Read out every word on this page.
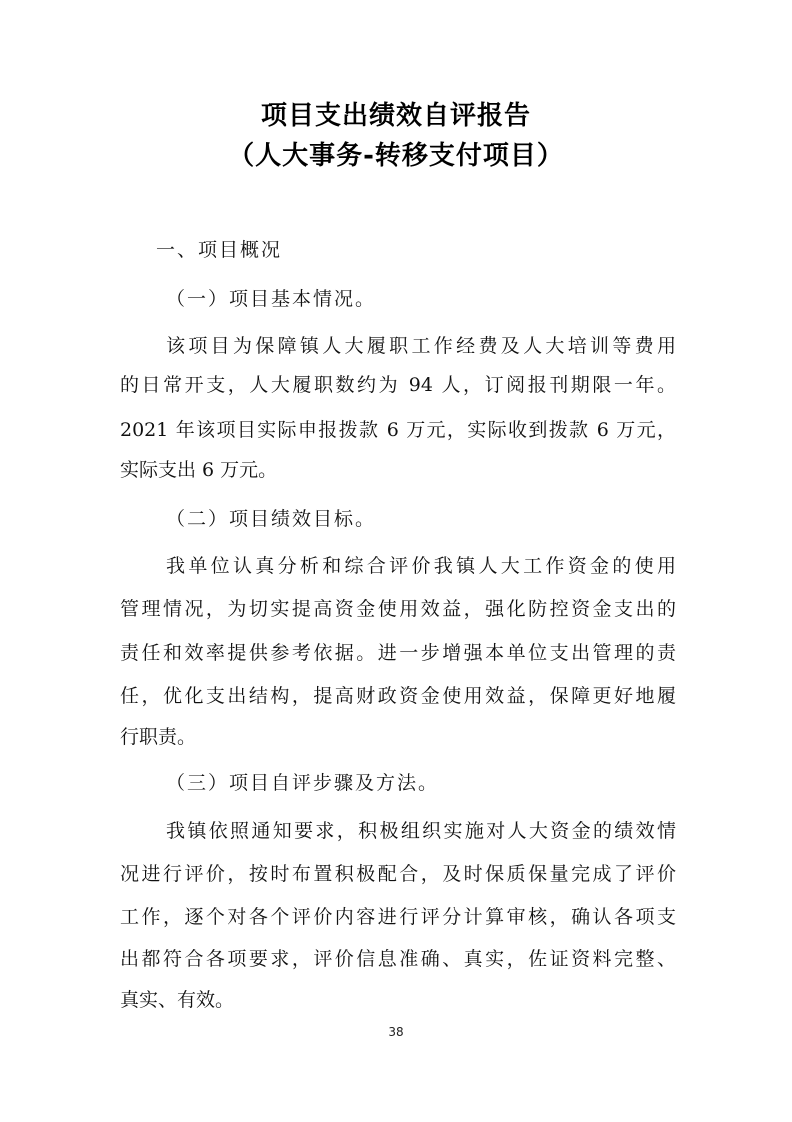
项目支出绩效自评报告
（人大事务-转移支付项目）
一、项目概况
（一）项目基本情况。
该项目为保障镇人大履职工作经费及人大培训等费用
的日常开支，人大履职数约为 94 人，订阅报刊期限一年。
2021 年该项目实际申报拨款 6 万元，实际收到拨款 6 万元，
实际支出 6 万元。
（二）项目绩效目标。
我单位认真分析和综合评价我镇人大工作资金的使用
管理情况，为切实提高资金使用效益，强化防控资金支出的
责任和效率提供参考依据。进一步增强本单位支出管理的责
任，优化支出结构，提高财政资金使用效益，保障更好地履
行职责。
（三）项目自评步骤及方法。
我镇依照通知要求，积极组织实施对人大资金的绩效情
况进行评价，按时布置积极配合，及时保质保量完成了评价
工作，逐个对各个评价内容进行评分计算审核，确认各项支
出都符合各项要求，评价信息准确、真实，佐证资料完整、
真实、有效。
38
